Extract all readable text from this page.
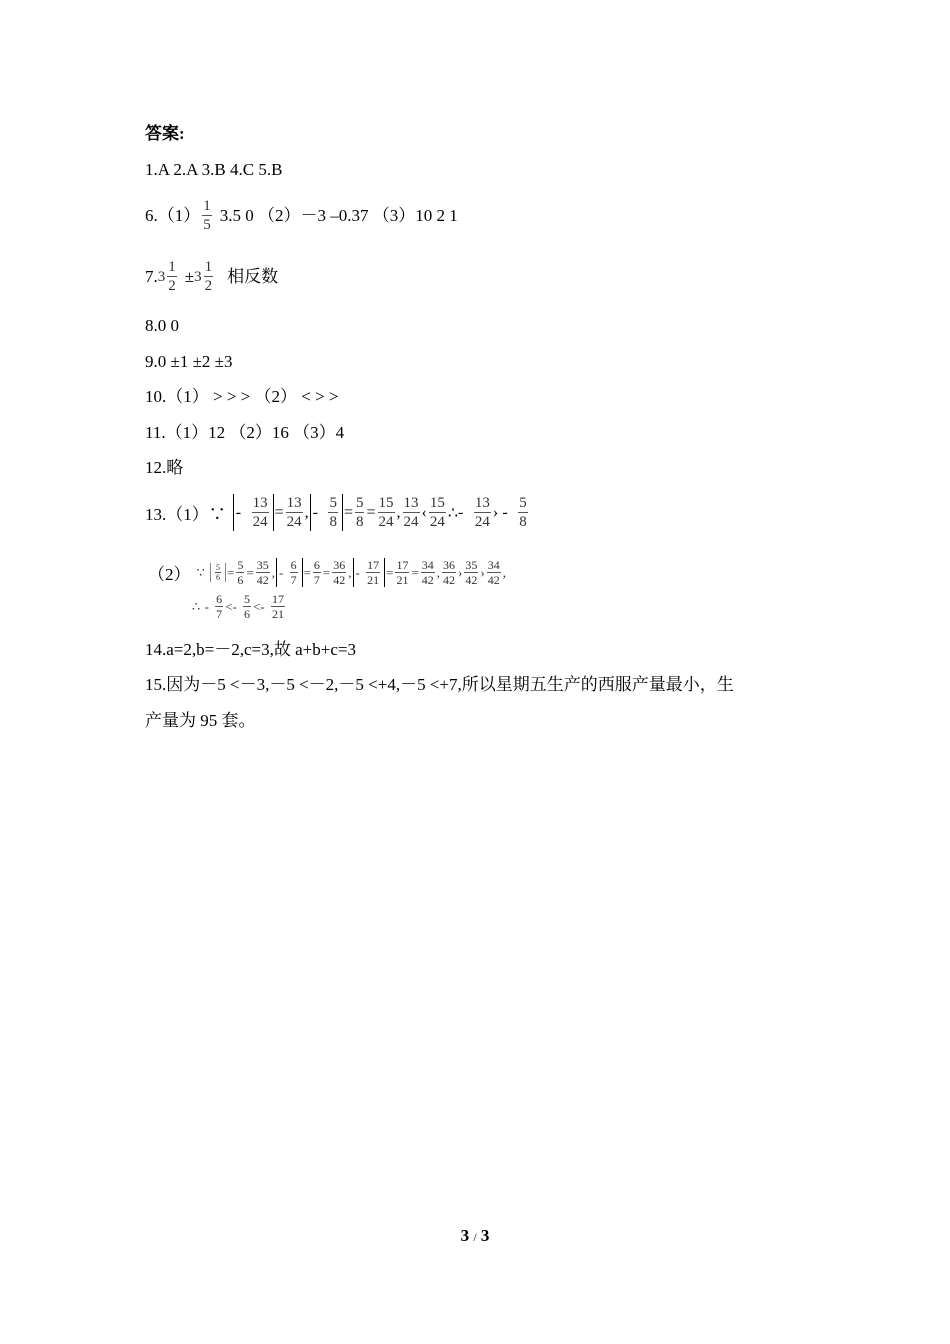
答案:
1.A 2.A 3.B 4.C 5.B
$6.(1) \frac{1}{5} 3.5$ 0 （2）－3 –0.37 （3）10 2 1
7. $3 \frac{1}{2} \pm 3 \frac{1}{2}$ 相反数
8.0 0
9.0 ±1 ±2 ±3
10.（1） > > > （2） < > >
11.（1）12 （2）16 （3）4
12.略
13.（1）∵ -
$\frac{13}{24} = \frac{13}{24}$ , -
$\frac{5}{8} = \frac{5}{8} = \frac{15}{24}$ , $\frac{13}{24}$ ‹ $\frac{15}{24}$ ∴ -
$\frac{13}{24}$ ›
-
$\frac{5}{8}$
（2） ∵
$\frac{5}{6} = \frac{5}{6} = \frac{35}{42}$ , -
$\frac{6}{7} = \frac{6}{7} = \frac{36}{42}$ , -
$\frac{17}{21} = \frac{17}{21} = \frac{34}{42}$ , $\frac{36}{42}$ › $\frac{35}{42}$ › $\frac{34}{42}$ ,
∴
-
$\frac{6}{7}$ <-
$\frac{5}{6}$ <-
$\frac{17}{21}$
14.a=2,b=－2,c=3,故 a+b+c=3
15.因为－5 <－3,－5 <－2,－5 <+4,－5 <+7,所以星期五生产的西服产量最小，生
产量为 95 套。
3 / 3
